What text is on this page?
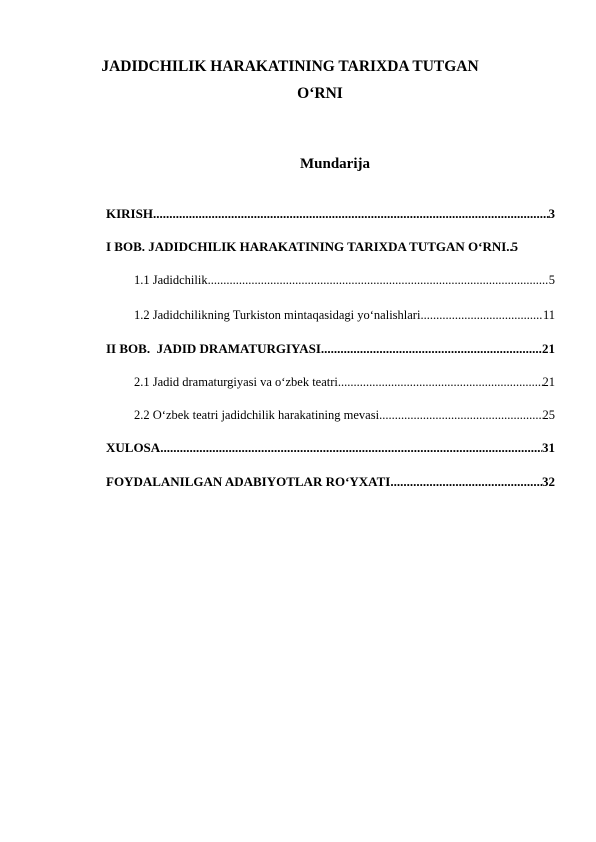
JADIDCHILIK HARAKATINING TARIXDA TUTGAN
O‘RNI
Mundarija
KIRISH .....	3
I BOB. JADIDCHILIK HARAKATINING TARIXDA TUTGAN O‘RNI. ..... 5
1.1 Jadidchilik .....	5
1.2 Jadidchilikning Turkiston mintaqasidagi yo‘nalishlari .....	11
II BOB.  JADID DRAMATURGIYASI .....	21
2.1 Jadid dramaturgiyasi va o‘zbek teatri .....	21
2.2 O‘zbek teatri jadidchilik harakatining mevasi .....	25
XULOSA .....	31
FOYDALANILGAN ADABIYOTLAR RO‘YXATI .....	32
